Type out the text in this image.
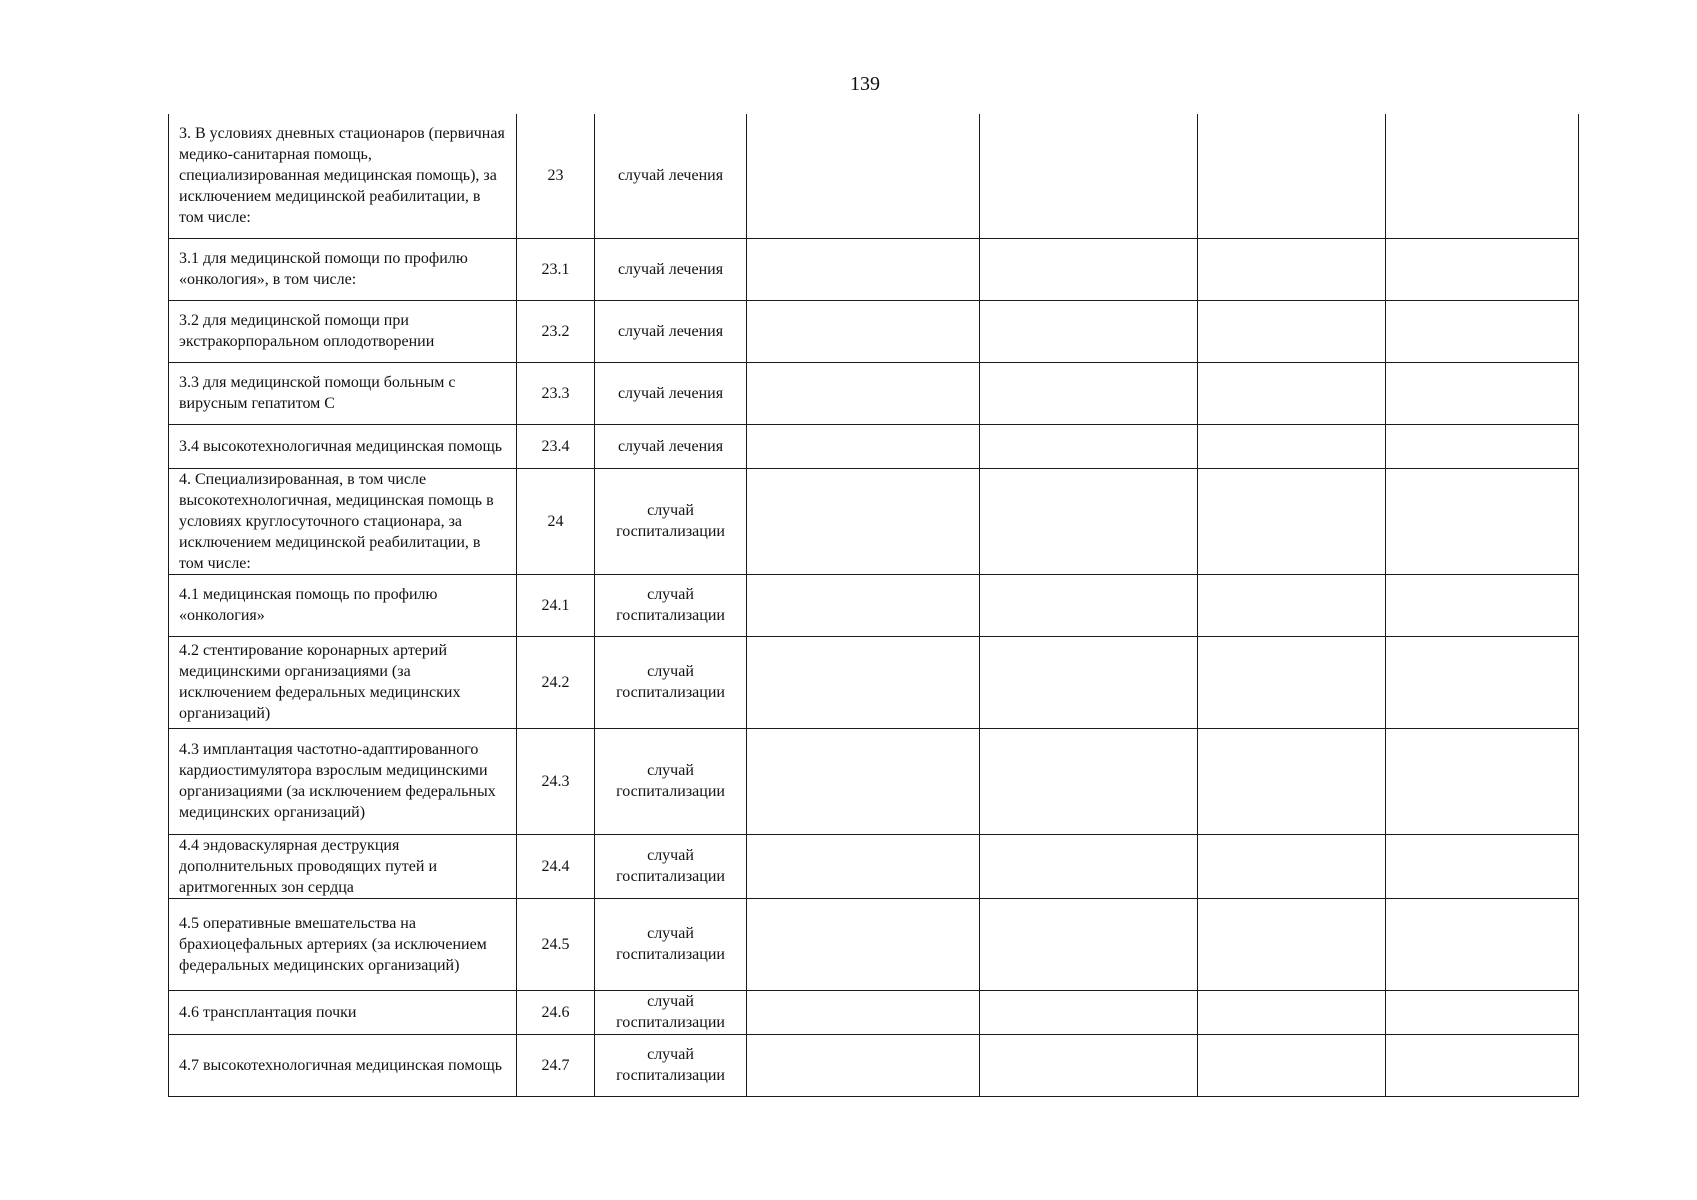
139
3. В условиях дневных стационаров (первичная медико-санитарная помощь, специализированная медицинская помощь), за исключением медицинской реабилитации, в том числе:	23	случай лечения				
3.1 для медицинской помощи по профилю «онкология», в том числе:	23.1	случай лечения				
3.2 для медицинской помощи при экстракорпоральном оплодотворении	23.2	случай лечения				
3.3 для медицинской помощи больным с вирусным гепатитом С	23.3	случай лечения				
3.4 высокотехнологичная медицинская помощь	23.4	случай лечения				
4. Специализированная, в том числе высокотехнологичная, медицинская помощь в условиях круглосуточного стационара, за исключением медицинской реабилитации, в том числе:	24	случай госпитализации				
4.1 медицинская помощь по профилю «онкология»	24.1	случай госпитализации				
4.2 стентирование коронарных артерий медицинскими организациями (за исключением федеральных медицинских организаций)	24.2	случай госпитализации				
4.3 имплантация частотно-адаптированного кардиостимулятора взрослым медицинскими организациями (за исключением федеральных медицинских организаций)	24.3	случай госпитализации				
4.4 эндоваскулярная деструкция дополнительных проводящих путей и аритмогенных зон сердца	24.4	случай госпитализации				
4.5 оперативные вмешательства на брахиоцефальных артериях (за исключением федеральных медицинских организаций)	24.5	случай госпитализации				
4.6 трансплантация почки	24.6	случай госпитализации				
4.7 высокотехнологичная медицинская помощь	24.7	случай госпитализации				
